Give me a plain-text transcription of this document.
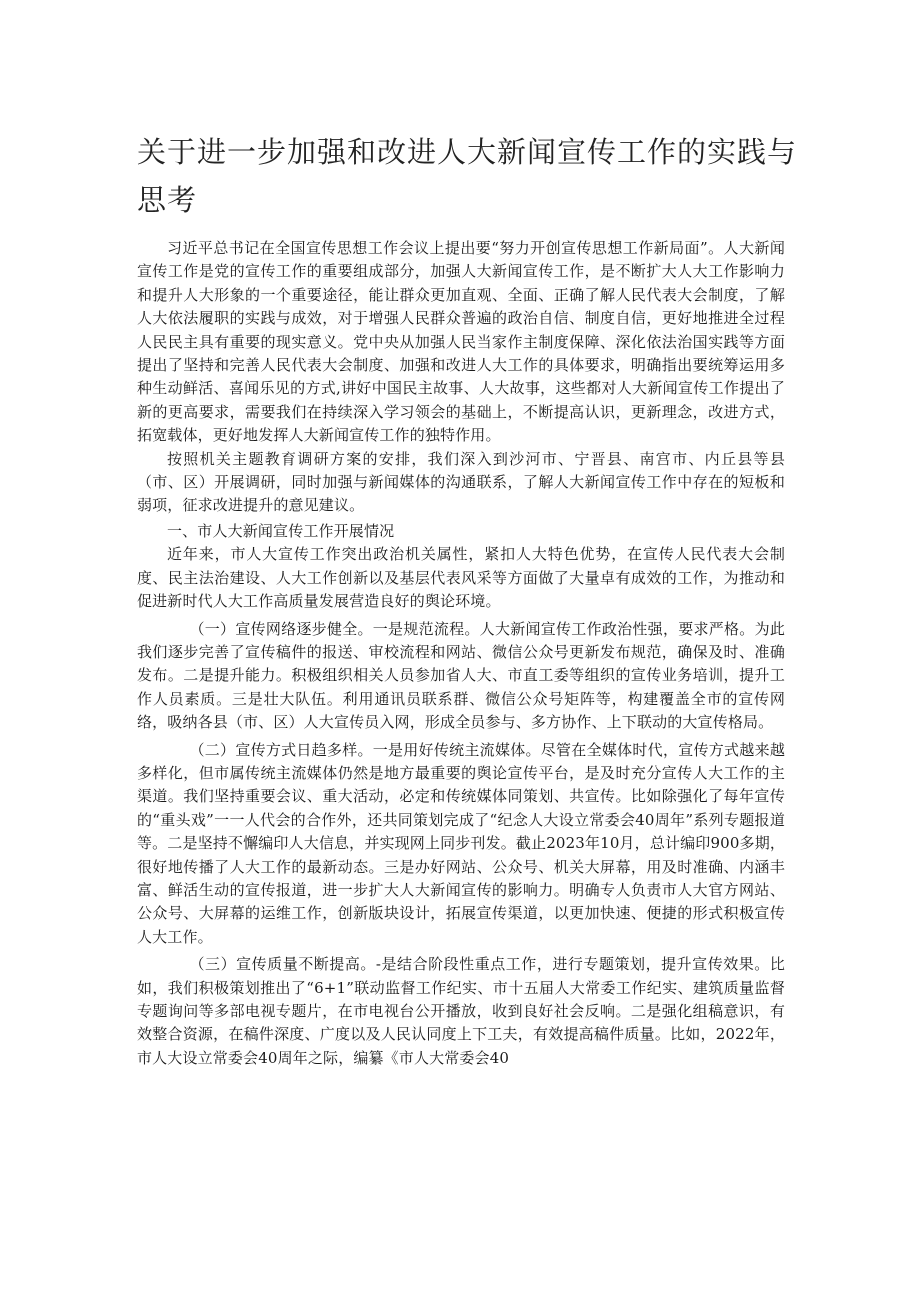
关于进一步加强和改进人大新闻宣传工作的实践与思考

习近平总书记在全国宣传思想工作会议上提出要“努力开创宣传思想工作新局面”。人大新闻宣传工作是党的宣传工作的重要组成部分，加强人大新闻宣传工作，是不断扩大人大工作影响力和提升人大形象的一个重要途径，能让群众更加直观、全面、正确了解人民代表大会制度，了解人大依法履职的实践与成效，对于增强人民群众普遍的政治自信、制度自信，更好地推进全过程人民民主具有重要的现实意义。党中央从加强人民当家作主制度保障、深化依法治国实践等方面提出了坚持和完善人民代表大会制度、加强和改进人大工作的具体要求，明确指出要统筹运用多种生动鲜活、喜闻乐见的方式,讲好中国民主故事、人大故事，这些都对人大新闻宣传工作提出了新的更高要求，需要我们在持续深入学习领会的基础上，不断提高认识，更新理念，改进方式，拓宽载体，更好地发挥人大新闻宣传工作的独特作用。

按照机关主题教育调研方案的安排，我们深入到沙河市、宁晋县、南宫市、内丘县等县（市、区）开展调研，同时加强与新闻媒体的沟通联系，了解人大新闻宣传工作中存在的短板和弱项，征求改进提升的意见建议。

一、市人大新闻宣传工作开展情况

近年来，市人大宣传工作突出政治机关属性，紧扣人大特色优势，在宣传人民代表大会制度、民主法治建设、人大工作创新以及基层代表风采等方面做了大量卓有成效的工作，为推动和促进新时代人大工作高质量发展营造良好的舆论环境。

（一）宣传网络逐步健全。一是规范流程。人大新闻宣传工作政治性强，要求严格。为此我们逐步完善了宣传稿件的报送、审校流程和网站、微信公众号更新发布规范，确保及时、准确发布。二是提升能力。积极组织相关人员参加省人大、市直工委等组织的宣传业务培训，提升工作人员素质。三是壮大队伍。利用通讯员联系群、微信公众号矩阵等，构建覆盖全市的宣传网络，吸纳各县（市、区）人大宣传员入网，形成全员参与、多方协作、上下联动的大宣传格局。

（二）宣传方式日趋多样。一是用好传统主流媒体。尽管在全媒体时代，宣传方式越来越多样化，但市属传统主流媒体仍然是地方最重要的舆论宣传平台，是及时充分宣传人大工作的主渠道。我们坚持重要会议、重大活动，必定和传统媒体同策划、共宣传。比如除强化了每年宣传的“重头戏”一一人代会的合作外，还共同策划完成了“纪念人大设立常委会40周年”系列专题报道等。二是坚持不懈编印人大信息，并实现网上同步刊发。截止2023年10月，总计编印900多期，很好地传播了人大工作的最新动态。三是办好网站、公众号、机关大屏幕，用及时准确、内涵丰富、鲜活生动的宣传报道，进一步扩大人大新闻宣传的影响力。明确专人负责市人大官方网站、公众号、大屏幕的运维工作，创新版块设计，拓展宣传渠道，以更加快速、便捷的形式积极宣传人大工作。

（三）宣传质量不断提高。-是结合阶段性重点工作，进行专题策划，提升宣传效果。比如，我们积极策划推出了“6+1”联动监督工作纪实、市十五届人大常委工作纪实、建筑质量监督专题询问等多部电视专题片，在市电视台公开播放，收到良好社会反响。二是强化组稿意识，有效整合资源，在稿件深度、广度以及人民认同度上下工夫，有效提高稿件质量。比如，2022年，市人大设立常委会40周年之际，编纂《市人大常委会40
